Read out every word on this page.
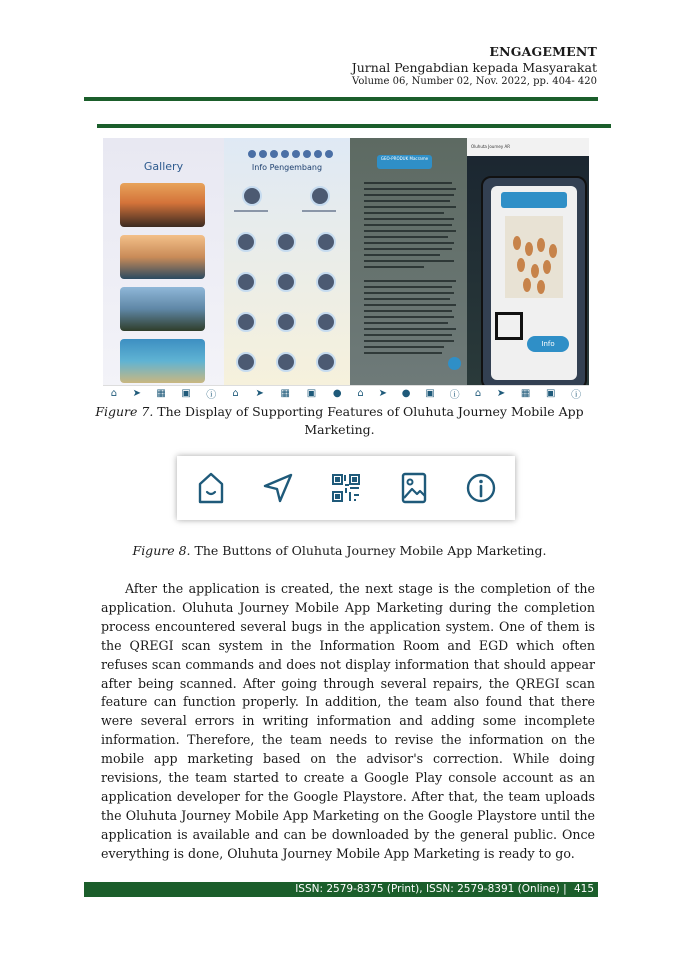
ENGAGEMENT
Jurnal Pengabdian kepada Masyarakat
Volume 06, Number 02, Nov. 2022, pp. 404- 420
Gallery	Info Pengembang
GEO-PRODUK Macrame
Oluhuta Journey AR
Info
⌂ ➤ ▦ ▣ ⓘ ⌂ ➤ ▦ ▣ ● ⌂ ➤ ● ▣ ⓘ ⌂ ➤ ▦ ▣ ⓘ
Figure 7. The Display of Supporting Features of Oluhuta Journey Mobile App Marketing.
Figure 8. The Buttons of Oluhuta Journey Mobile App Marketing.

After the application is created, the next stage is the completion of the application. Oluhuta Journey Mobile App Marketing during the completion process encountered several bugs in the application system. One of them is the QREGI scan system in the Information Room and EGD which often refuses scan commands and does not display information that should appear after being scanned. After going through several repairs, the QREGI scan feature can function properly. In addition, the team also found that there were several errors in writing information and adding some incomplete information. Therefore, the team needs to revise the information on the mobile app marketing based on the advisor's correction. While doing revisions, the team started to create a Google Play console account as an application developer for the Google Playstore. After that, the team uploads the Oluhuta Journey Mobile App Marketing on the Google Playstore until the application is available and can be downloaded by the general public. Once everything is done, Oluhuta Journey Mobile App Marketing is ready to go.

ISSN: 2579-8375 (Print), ISSN: 2579-8391 (Online) | 415
